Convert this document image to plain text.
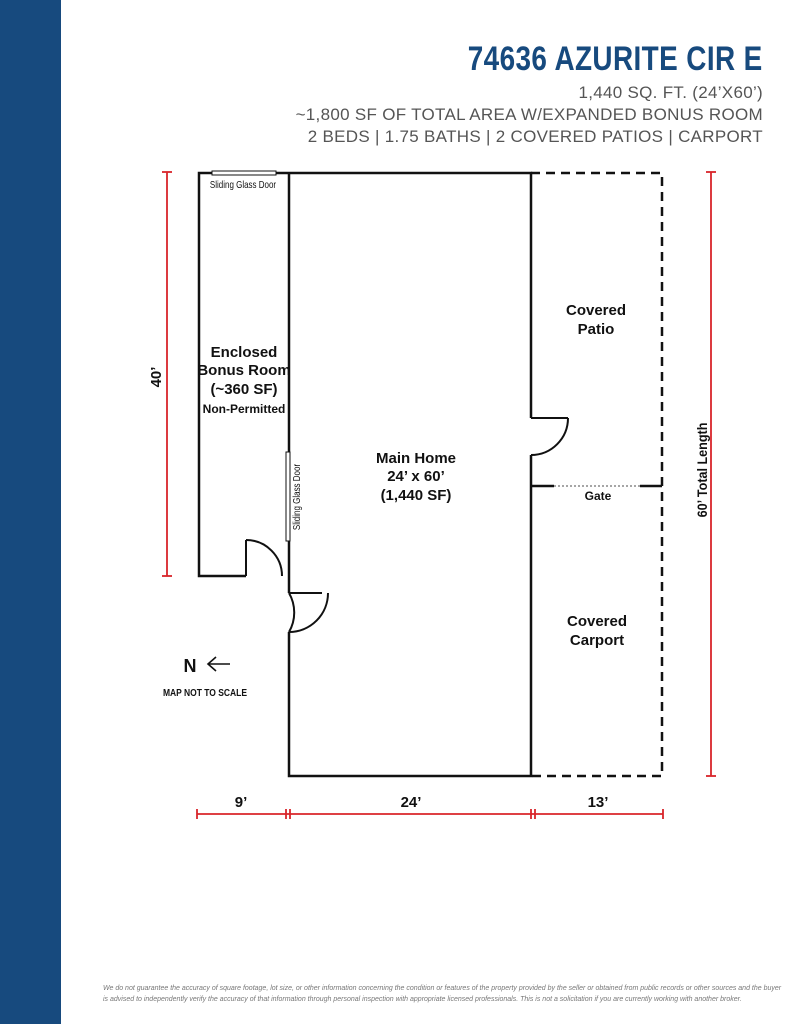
74636 AZURITE CIR E
1,440 SQ. FT. (24’X60’)
~1,800 SF OF TOTAL AREA W/EXPANDED BONUS ROOM
2 BEDS | 1.75 BATHS | 2 COVERED PATIOS | CARPORT
Sliding Glass Door
Sliding Glass Door
Enclosed
Bonus Room
(~360 SF)
Non-Permitted
Main Home
24’ x 60’
(1,440 SF)
Covered
Patio
Gate
Covered
Carport
40’
60’ Total Length
9’	24’	13’
N
MAP NOT TO SCALE
We do not guarantee the accuracy of square footage, lot size, or other information concerning the condition or features of the property provided by the seller or obtained from public records or other sources and the buyer is advised to independently verify the accuracy of that information through personal inspection with appropriate licensed professionals. This is not a solicitation if you are currently working with another broker.
